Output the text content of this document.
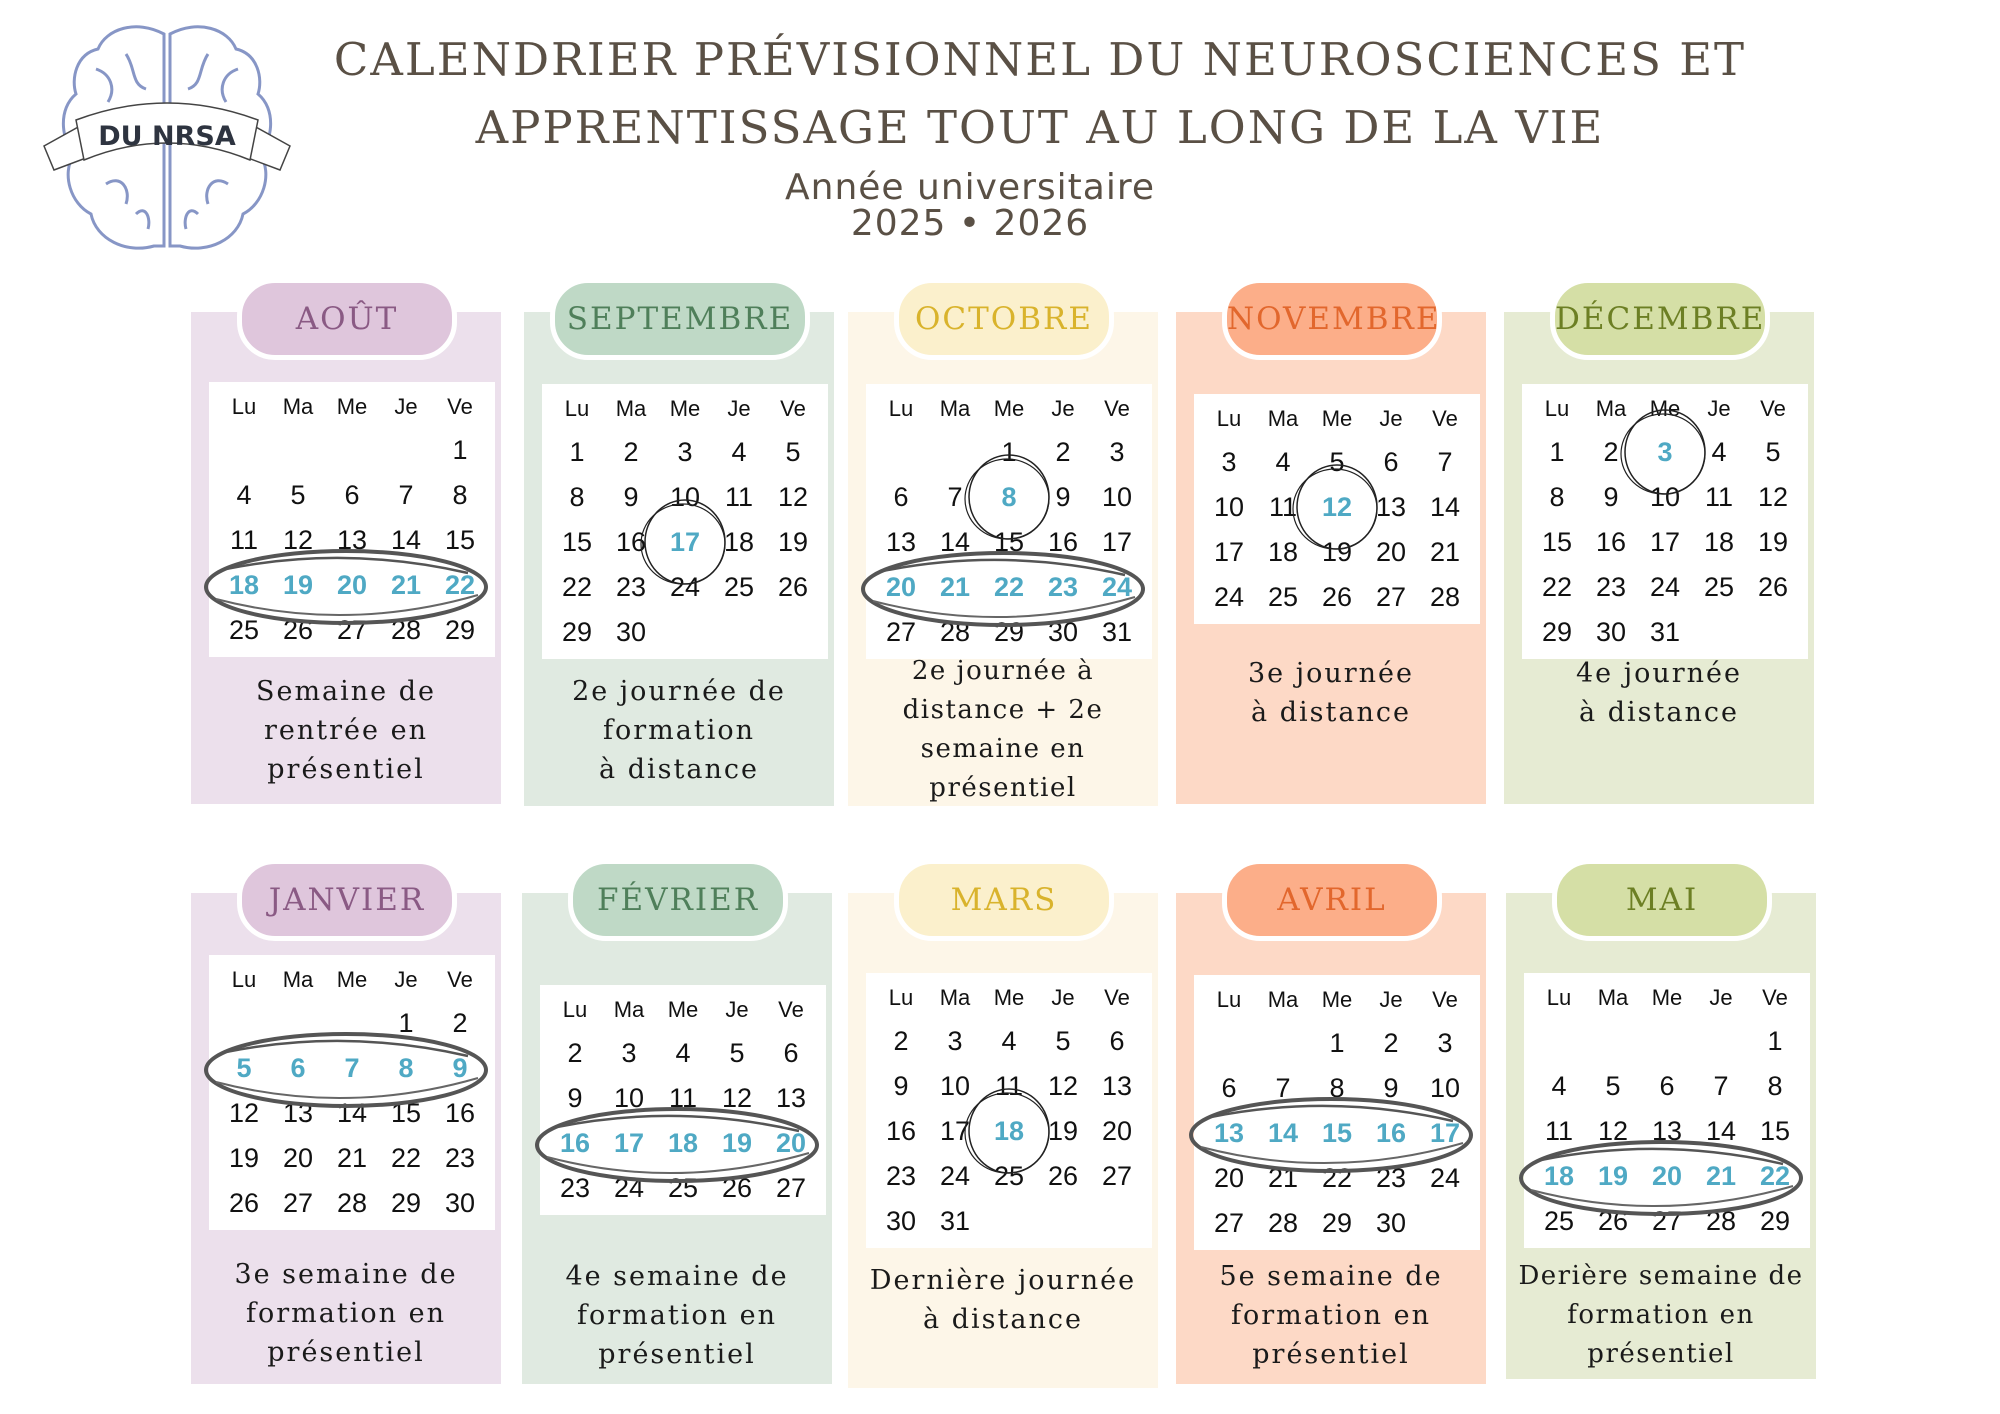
DU NRSA
CALENDRIER PRÉVISIONNEL DU NEUROSCIENCES ET
APPRENTISSAGE TOUT AU LONG DE LA VIE
Année universitaire
2025 • 2026
AOÛT
Lu	Ma	Me	Je	Ve
				1
4	5	6	7	8
11	12	13	14	15
18	19	20	21	22
25	26	27	28	29
Semaine de
rentrée en
présentiel
SEPTEMBRE
Lu	Ma	Me	Je	Ve
1	2	3	4	5
8	9	10	11	12
15	16	17	18	19
22	23	24	25	26
29	30			
2e journée de
formation
à distance
OCTOBRE
Lu	Ma	Me	Je	Ve
		1	2	3
6	7	8	9	10
13	14	15	16	17
20	21	22	23	24
27	28	29	30	31
2e journée à
distance + 2e
semaine en
présentiel
NOVEMBRE
Lu	Ma	Me	Je	Ve
3	4	5	6	7
10	11	12	13	14
17	18	19	20	21
24	25	26	27	28
3e journée
à distance
DÉCEMBRE
Lu	Ma	Me	Je	Ve
1	2	3	4	5
8	9	10	11	12
15	16	17	18	19
22	23	24	25	26
29	30	31		
4e journée
à distance
JANVIER
Lu	Ma	Me	Je	Ve
			1	2
5	6	7	8	9
12	13	14	15	16
19	20	21	22	23
26	27	28	29	30
3e semaine de
formation en
présentiel
FÉVRIER
Lu	Ma	Me	Je	Ve
2	3	4	5	6
9	10	11	12	13
16	17	18	19	20
23	24	25	26	27
4e semaine de
formation en
présentiel
MARS
Lu	Ma	Me	Je	Ve
2	3	4	5	6
9	10	11	12	13
16	17	18	19	20
23	24	25	26	27
30	31			
Dernière journée
à distance
AVRIL
Lu	Ma	Me	Je	Ve
		1	2	3
6	7	8	9	10
13	14	15	16	17
20	21	22	23	24
27	28	29	30	
5e semaine de
formation en
présentiel
MAI
Lu	Ma	Me	Je	Ve
				1
4	5	6	7	8
11	12	13	14	15
18	19	20	21	22
25	26	27	28	29
Derière semaine de
formation en
présentiel
